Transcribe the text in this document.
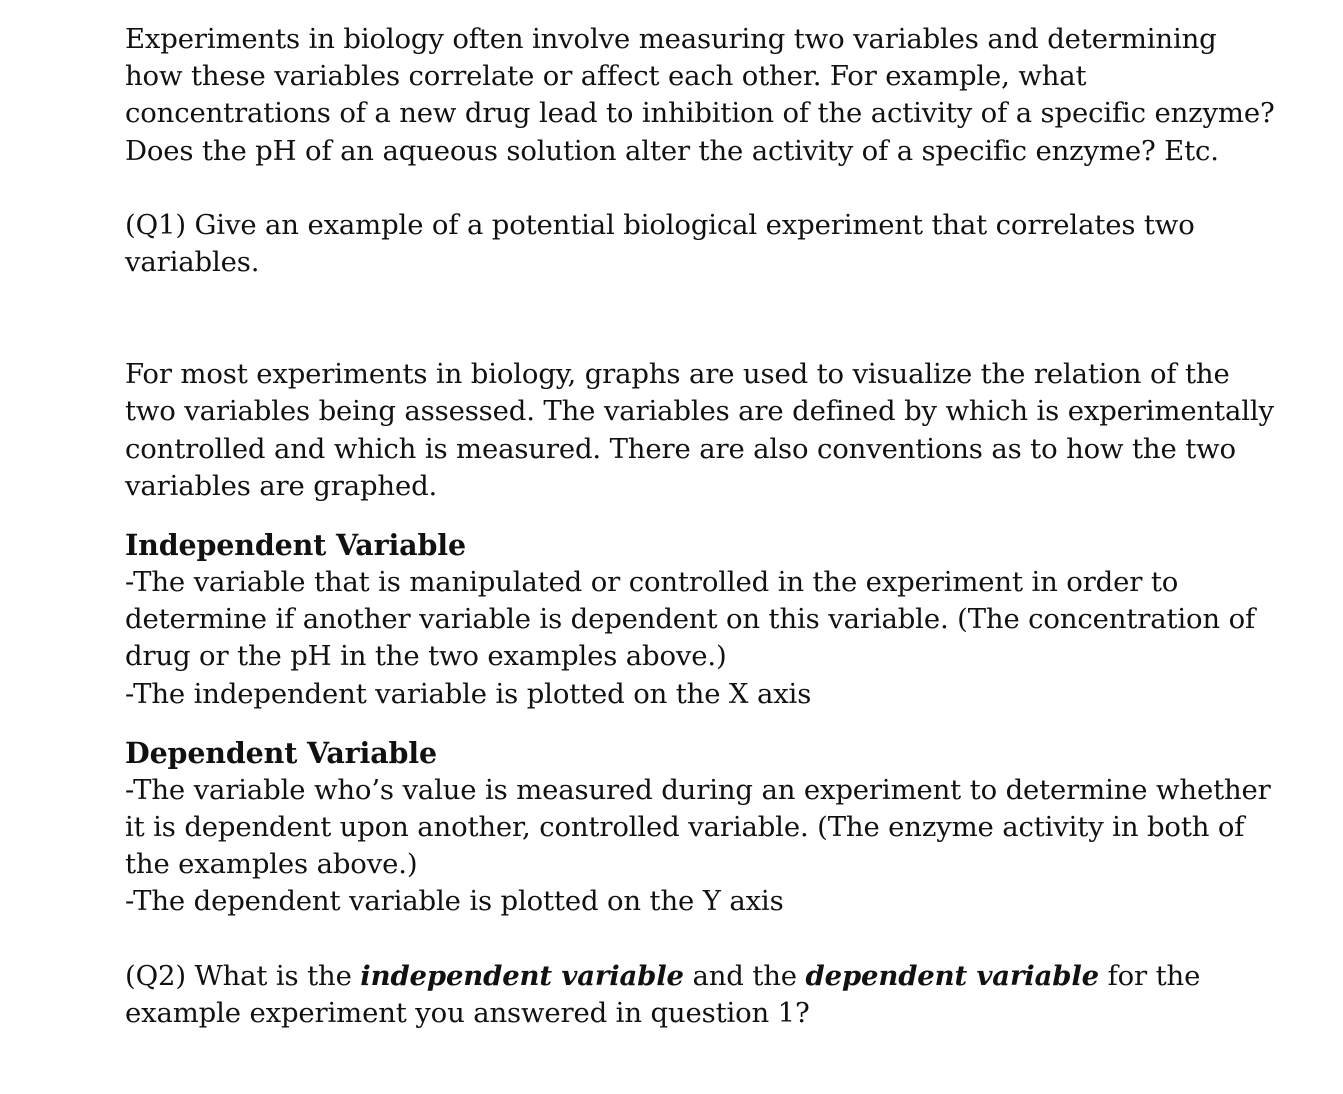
Experiments in biology often involve measuring two variables and determining how these variables correlate or affect each other. For example, what concentrations of a new drug lead to inhibition of the activity of a specific enzyme? Does the pH of an aqueous solution alter the activity of a specific enzyme? Etc.

(Q1) Give an example of a potential biological experiment that correlates two variables.

For most experiments in biology, graphs are used to visualize the relation of the two variables being assessed. The variables are defined by which is experimentally controlled and which is measured. There are also conventions as to how the two variables are graphed.

Independent Variable

-The variable that is manipulated or controlled in the experiment in order to determine if another variable is dependent on this variable. (The concentration of drug or the pH in the two examples above.)

-The independent variable is plotted on the X axis

Dependent Variable

-The variable who’s value is measured during an experiment to determine whether it is dependent upon another, controlled variable. (The enzyme activity in both of the examples above.)

-The dependent variable is plotted on the Y axis

(Q2) What is the independent variable and the dependent variable for the example experiment you answered in question 1?
